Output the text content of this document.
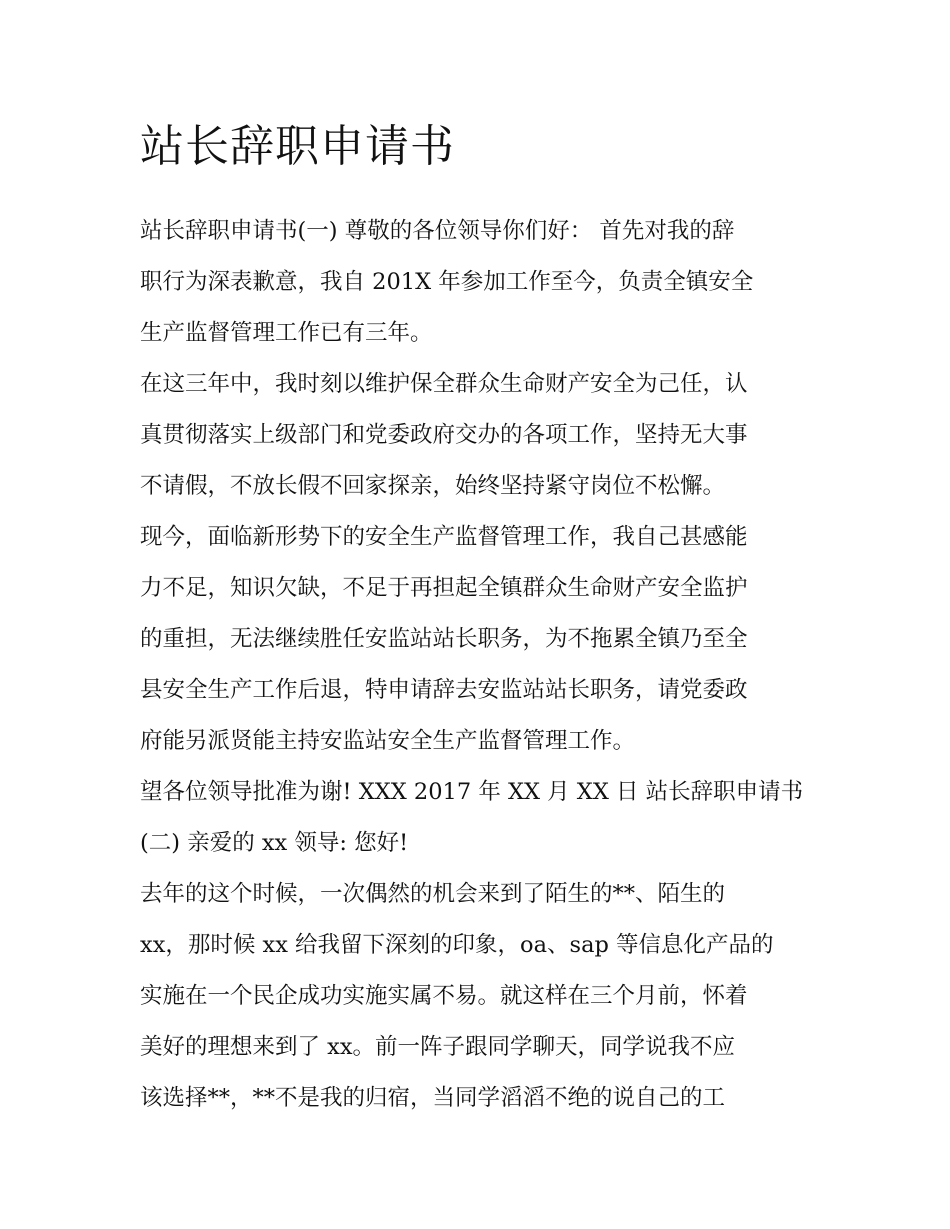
站长辞职申请书

站长辞职申请书(一) 尊敬的各位领导你们好： 首先对我的辞
职行为深表歉意，我自 201X 年参加工作至今，负责全镇安全
生产监督管理工作已有三年。

在这三年中，我时刻以维护保全群众生命财产安全为己任，认
真贯彻落实上级部门和党委政府交办的各项工作，坚持无大事
不请假，不放长假不回家探亲，始终坚持紧守岗位不松懈。

现今，面临新形势下的安全生产监督管理工作，我自己甚感能
力不足，知识欠缺，不足于再担起全镇群众生命财产安全监护
的重担，无法继续胜任安监站站长职务，为不拖累全镇乃至全
县安全生产工作后退，特申请辞去安监站站长职务，请党委政
府能另派贤能主持安监站安全生产监督管理工作。

望各位领导批准为谢! XXX 2017 年 XX 月 XX 日 站长辞职申请书
(二) 亲爱的 xx 领导: 您好!

去年的这个时候，一次偶然的机会来到了陌生的**、陌生的
xx，那时候 xx 给我留下深刻的印象，oa、sap 等信息化产品的
实施在一个民企成功实施实属不易。就这样在三个月前，怀着
美好的理想来到了 xx。前一阵子跟同学聊天，同学说我不应
该选择**，**不是我的归宿，当同学滔滔不绝的说自己的工
